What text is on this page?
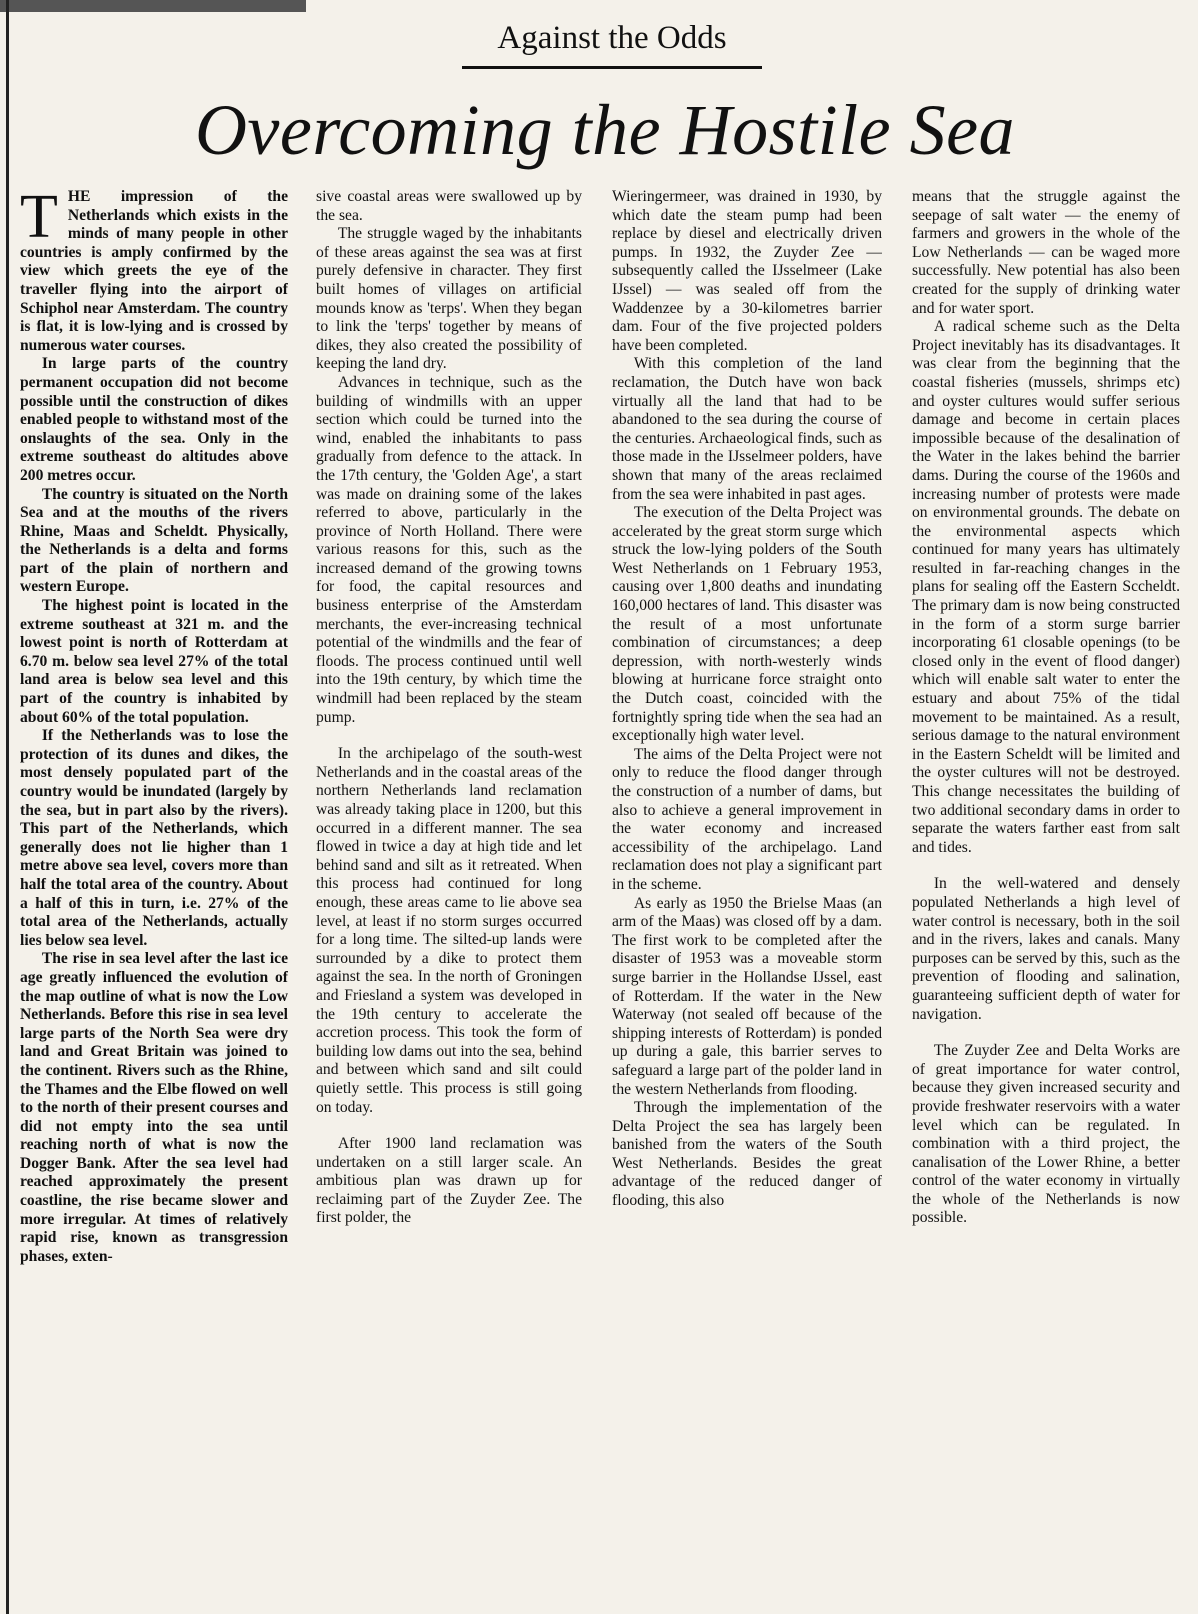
Against the Odds
Overcoming the Hostile Sea

THE impression of the Netherlands which exists in the minds of many people in other countries is amply confirmed by the view which greets the eye of the traveller flying into the airport of Schiphol near Amsterdam. The country is flat, it is low-lying and is crossed by numerous water courses.

In large parts of the country permanent occupation did not become possible until the construction of dikes enabled people to withstand most of the onslaughts of the sea. Only in the extreme southeast do altitudes above 200 metres occur.

The country is situated on the North Sea and at the mouths of the rivers Rhine, Maas and Scheldt. Physically, the Netherlands is a delta and forms part of the plain of northern and western Europe.

The highest point is located in the extreme southeast at 321 m. and the lowest point is north of Rotterdam at 6.70 m. below sea level 27% of the total land area is below sea level and this part of the country is inhabited by about 60% of the total population.

If the Netherlands was to lose the protection of its dunes and dikes, the most densely populated part of the country would be inundated (largely by the sea, but in part also by the rivers). This part of the Netherlands, which generally does not lie higher than 1 metre above sea level, covers more than half the total area of the country. About a half of this in turn, i.e. 27% of the total area of the Netherlands, actually lies below sea level.

The rise in sea level after the last ice age greatly influenced the evolution of the map outline of what is now the Low Netherlands. Before this rise in sea level large parts of the North Sea were dry land and Great Britain was joined to the continent. Rivers such as the Rhine, the Thames and the Elbe flowed on well to the north of their present courses and did not empty into the sea until reaching north of what is now the Dogger Bank. After the sea level had reached approximately the present coastline, the rise became slower and more irregular. At times of relatively rapid rise, known as transgression phases, exten-

sive coastal areas were swallowed up by the sea.

The struggle waged by the inhabitants of these areas against the sea was at first purely defensive in character. They first built homes of villages on artificial mounds know as 'terps'. When they began to link the 'terps' together by means of dikes, they also created the possibility of keeping the land dry.

Advances in technique, such as the building of windmills with an upper section which could be turned into the wind, enabled the inhabitants to pass gradually from defence to the attack. In the 17th century, the 'Golden Age', a start was made on draining some of the lakes referred to above, particularly in the province of North Holland. There were various reasons for this, such as the increased demand of the growing towns for food, the capital resources and business enterprise of the Amsterdam merchants, the ever-increasing technical potential of the windmills and the fear of floods. The process continued until well into the 19th century, by which time the windmill had been replaced by the steam pump.

In the archipelago of the south-west Netherlands and in the coastal areas of the northern Netherlands land reclamation was already taking place in 1200, but this occurred in a different manner. The sea flowed in twice a day at high tide and let behind sand and silt as it retreated. When this process had continued for long enough, these areas came to lie above sea level, at least if no storm surges occurred for a long time. The silted-up lands were surrounded by a dike to protect them against the sea. In the north of Groningen and Friesland a system was developed in the 19th century to accelerate the accretion process. This took the form of building low dams out into the sea, behind and between which sand and silt could quietly settle. This process is still going on today.

After 1900 land reclamation was undertaken on a still larger scale. An ambitious plan was drawn up for reclaiming part of the Zuyder Zee. The first polder, the

Wieringermeer, was drained in 1930, by which date the steam pump had been replace by diesel and electrically driven pumps. In 1932, the Zuyder Zee — subsequently called the IJsselmeer (Lake IJssel) — was sealed off from the Waddenzee by a 30-kilometres barrier dam. Four of the five projected polders have been completed.

With this completion of the land reclamation, the Dutch have won back virtually all the land that had to be abandoned to the sea during the course of the centuries. Archaeological finds, such as those made in the IJsselmeer polders, have shown that many of the areas reclaimed from the sea were inhabited in past ages.

The execution of the Delta Project was accelerated by the great storm surge which struck the low-lying polders of the South West Netherlands on 1 February 1953, causing over 1,800 deaths and inundating 160,000 hectares of land. This disaster was the result of a most unfortunate combination of circumstances; a deep depression, with north-westerly winds blowing at hurricane force straight onto the Dutch coast, coincided with the fortnightly spring tide when the sea had an exceptionally high water level.

The aims of the Delta Project were not only to reduce the flood danger through the construction of a number of dams, but also to achieve a general improvement in the water economy and increased accessibility of the archipelago. Land reclamation does not play a significant part in the scheme.

As early as 1950 the Brielse Maas (an arm of the Maas) was closed off by a dam. The first work to be completed after the disaster of 1953 was a moveable storm surge barrier in the Hollandse IJssel, east of Rotterdam. If the water in the New Waterway (not sealed off because of the shipping interests of Rotterdam) is ponded up during a gale, this barrier serves to safeguard a large part of the polder land in the western Netherlands from flooding.

Through the implementation of the Delta Project the sea has largely been banished from the waters of the South West Netherlands. Besides the great advantage of the reduced danger of flooding, this also

means that the struggle against the seepage of salt water — the enemy of farmers and growers in the whole of the Low Netherlands — can be waged more successfully. New potential has also been created for the supply of drinking water and for water sport.

A radical scheme such as the Delta Project inevitably has its disadvantages. It was clear from the beginning that the coastal fisheries (mussels, shrimps etc) and oyster cultures would suffer serious damage and become in certain places impossible because of the desalination of the Water in the lakes behind the barrier dams. During the course of the 1960s and increasing number of protests were made on environmental grounds. The debate on the environmental aspects which continued for many years has ultimately resulted in far-reaching changes in the plans for sealing off the Eastern Sccheldt. The primary dam is now being constructed in the form of a storm surge barrier incorporating 61 closable openings (to be closed only in the event of flood danger) which will enable salt water to enter the estuary and about 75% of the tidal movement to be maintained. As a result, serious damage to the natural environment in the Eastern Scheldt will be limited and the oyster cultures will not be destroyed. This change necessitates the building of two additional secondary dams in order to separate the waters farther east from salt and tides.

In the well-watered and densely populated Netherlands a high level of water control is necessary, both in the soil and in the rivers, lakes and canals. Many purposes can be served by this, such as the prevention of flooding and salination, guaranteeing sufficient depth of water for navigation.

The Zuyder Zee and Delta Works are of great importance for water control, because they given increased security and provide freshwater reservoirs with a water level which can be regulated. In combination with a third project, the canalisation of the Lower Rhine, a better control of the water economy in virtually the whole of the Netherlands is now possible.
